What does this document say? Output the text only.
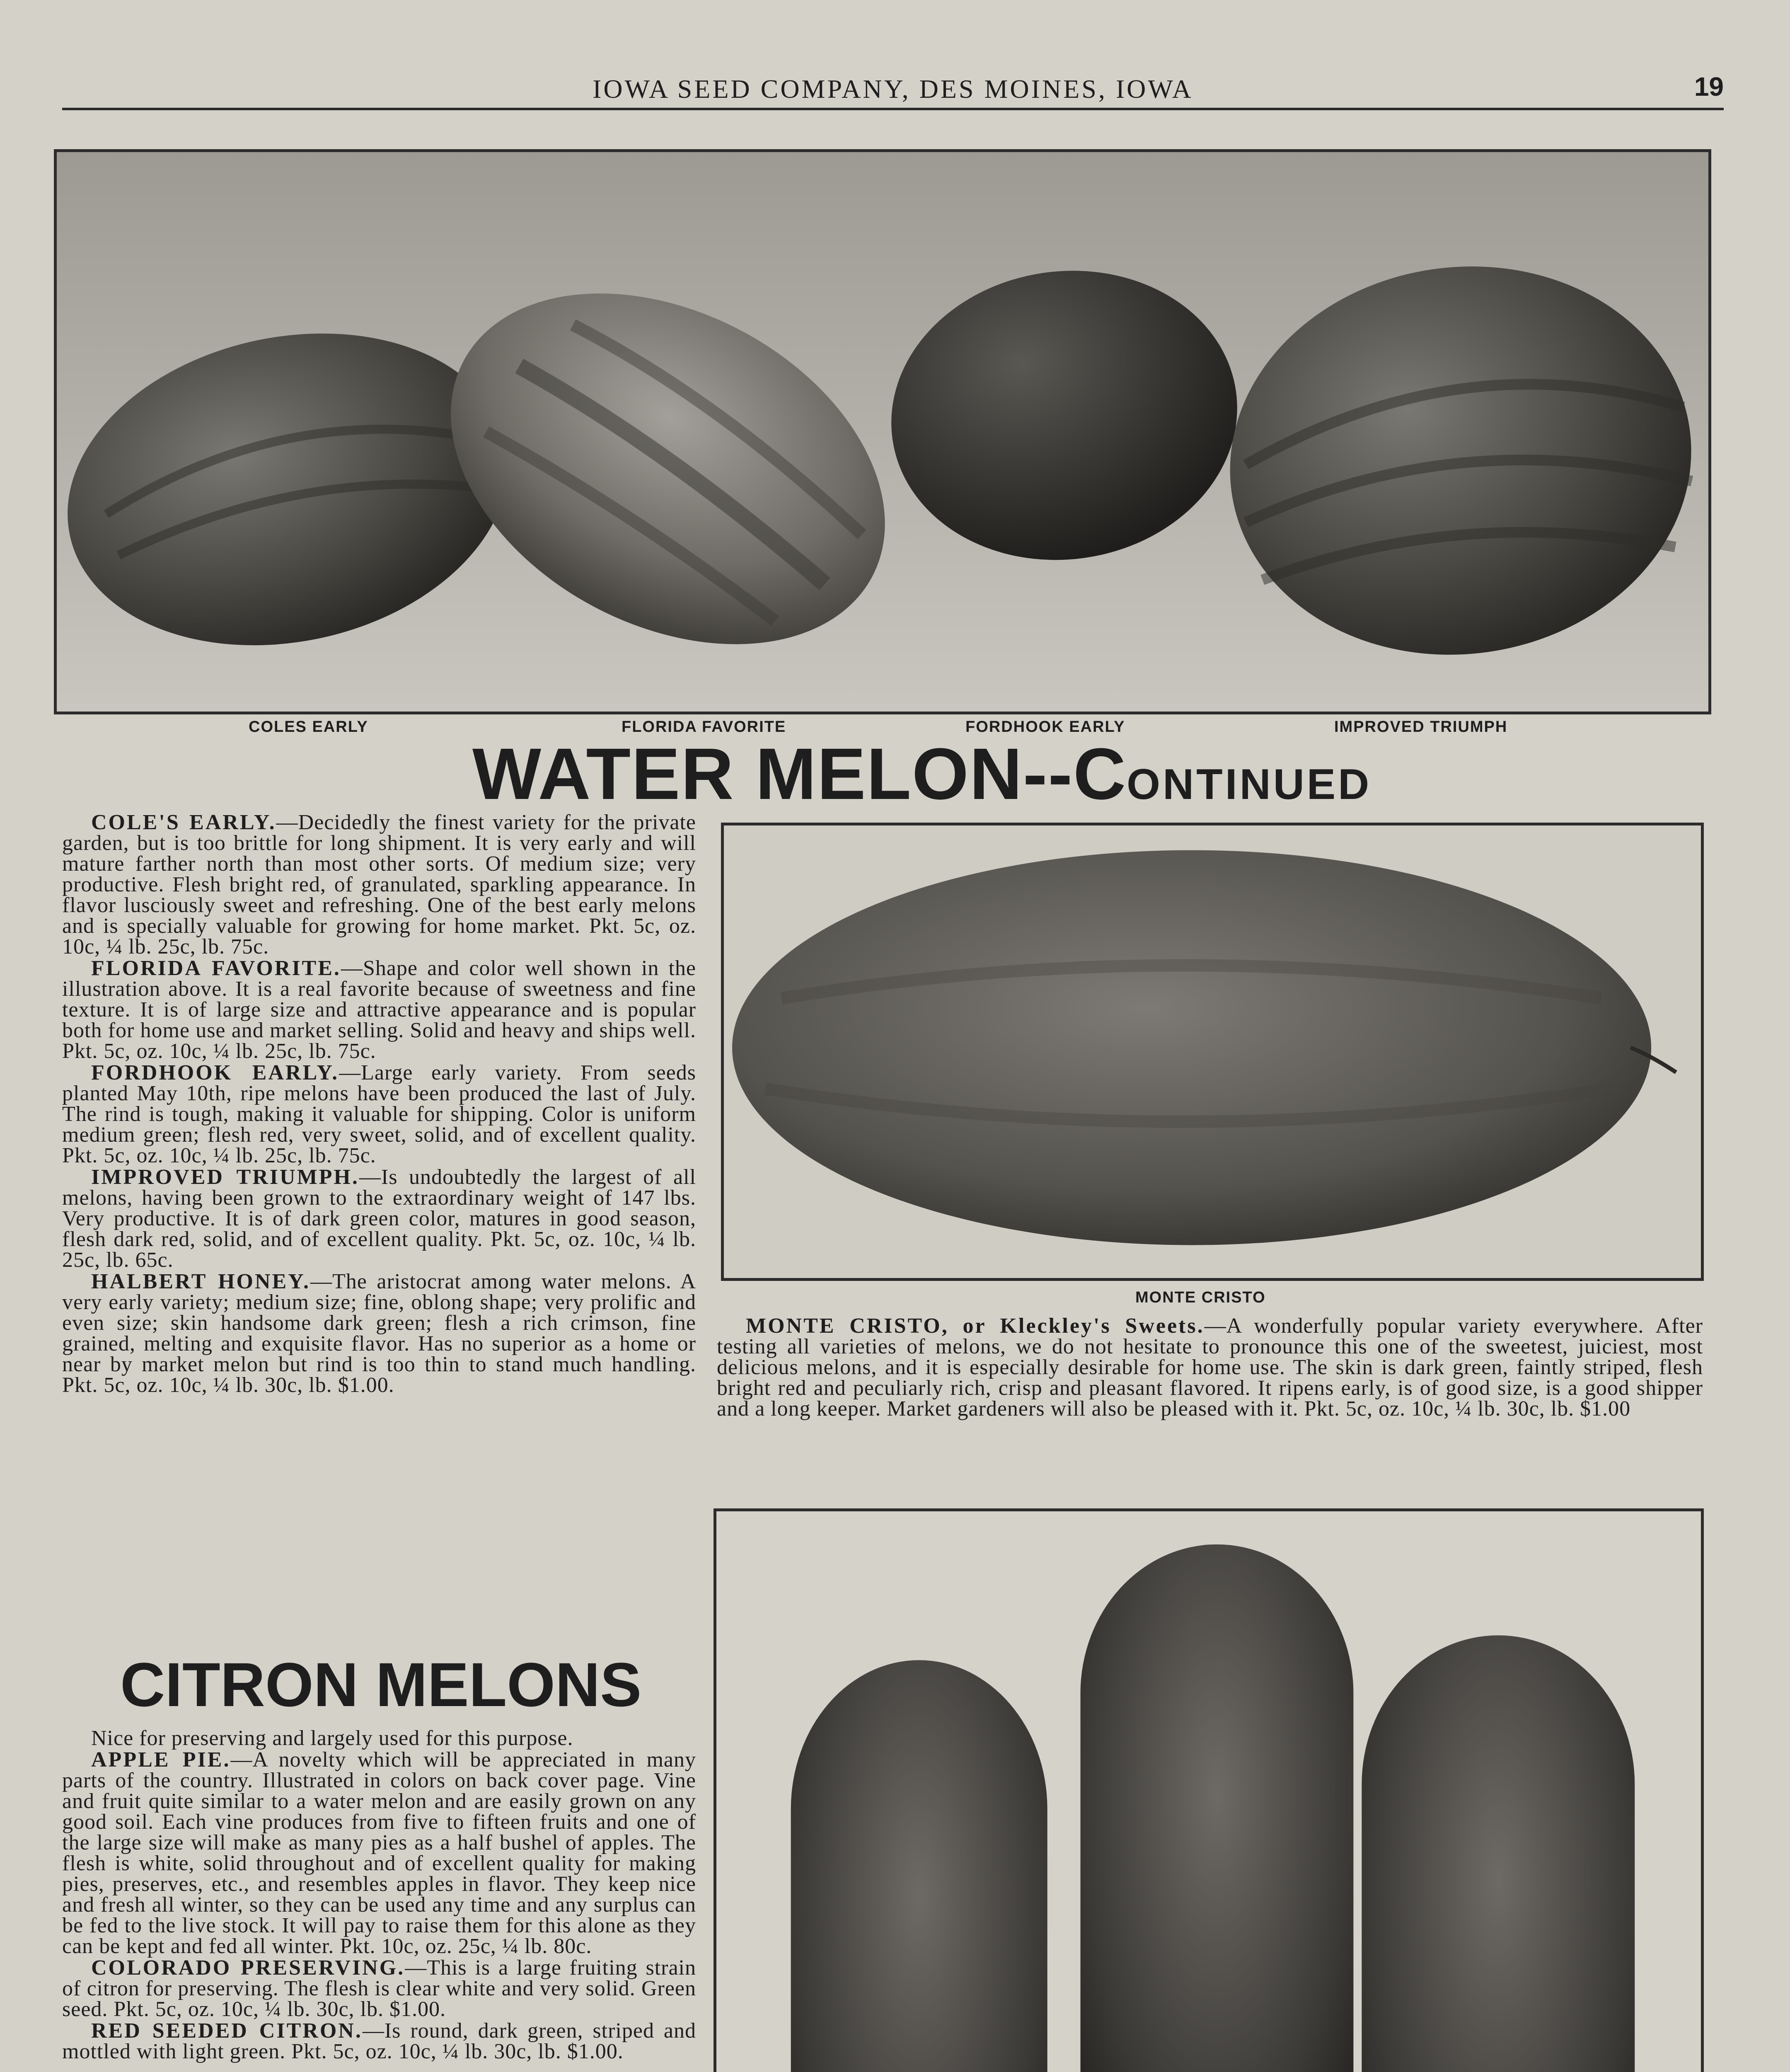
IOWA SEED COMPANY, DES MOINES, IOWA	19
COLES EARLY	FLORIDA FAVORITE	FORDHOOK EARLY	IMPROVED TRIUMPH
WATER MELON--CONTINUED

COLE'S EARLY.—Decidedly the finest variety for the private garden, but is too brittle for long shipment. It is very early and will mature farther north than most other sorts. Of medium size; very productive. Flesh bright red, of granulated, sparkling appearance. In flavor lusciously sweet and refreshing. One of the best early melons and is specially valuable for growing for home market. Pkt. 5c, oz. 10c, ¼ lb. 25c, lb. 75c.

FLORIDA FAVORITE.—Shape and color well shown in the illustration above. It is a real favorite because of sweetness and fine texture. It is of large size and attractive appearance and is popular both for home use and market selling. Solid and heavy and ships well. Pkt. 5c, oz. 10c, ¼ lb. 25c, lb. 75c.

FORDHOOK EARLY.—Large early variety. From seeds planted May 10th, ripe melons have been produced the last of July. The rind is tough, making it valuable for shipping. Color is uniform medium green; flesh red, very sweet, solid, and of excellent quality. Pkt. 5c, oz. 10c, ¼ lb. 25c, lb. 75c.

IMPROVED TRIUMPH.—Is undoubtedly the largest of all melons, having been grown to the extraordinary weight of 147 lbs. Very productive. It is of dark green color, matures in good season, flesh dark red, solid, and of excellent quality. Pkt. 5c, oz. 10c, ¼ lb. 25c, lb. 65c.

HALBERT HONEY.—The aristocrat among water melons. A very early variety; medium size; fine, oblong shape; very prolific and even size; skin handsome dark green; flesh a rich crimson, fine grained, melting and exquisite flavor. Has no superior as a home or near by market melon but rind is too thin to stand much handling. Pkt. 5c, oz. 10c, ¼ lb. 30c, lb. $1.00.

CITRON MELONS

Nice for preserving and largely used for this purpose.

APPLE PIE.—A novelty which will be appreciated in many parts of the country. Illustrated in colors on back cover page. Vine and fruit quite similar to a water melon and are easily grown on any good soil. Each vine produces from five to fifteen fruits and one of the large size will make as many pies as a half bushel of apples. The flesh is white, solid throughout and of excellent quality for making pies, preserves, etc., and resembles apples in flavor. They keep nice and fresh all winter, so they can be used any time and any surplus can be fed to the live stock. It will pay to raise them for this alone as they can be kept and fed all winter. Pkt. 10c, oz. 25c, ¼ lb. 80c.

COLORADO PRESERVING.—This is a large fruiting strain of citron for preserving. The flesh is clear white and very solid. Green seed. Pkt. 5c, oz. 10c, ¼ lb. 30c, lb. $1.00.

RED SEEDED CITRON.—Is round, dark green, striped and mottled with light green. Pkt. 5c, oz. 10c, ¼ lb. 30c, lb. $1.00.

MONTE CRISTO

MONTE CRISTO, or Kleckley's Sweets.—A wonderfully popular variety everywhere. After testing all varieties of melons, we do not hesitate to pronounce this one of the sweetest, juiciest, most delicious melons, and it is especially desirable for home use. The skin is dark green, faintly striped, flesh bright red and peculiarly rich, crisp and pleasant flavored. It ripens early, is of good size, is a good shipper and a long keeper. Market gardeners will also be pleased with it. Pkt. 5c, oz. 10c, ¼ lb. 30c, lb. $1.00
